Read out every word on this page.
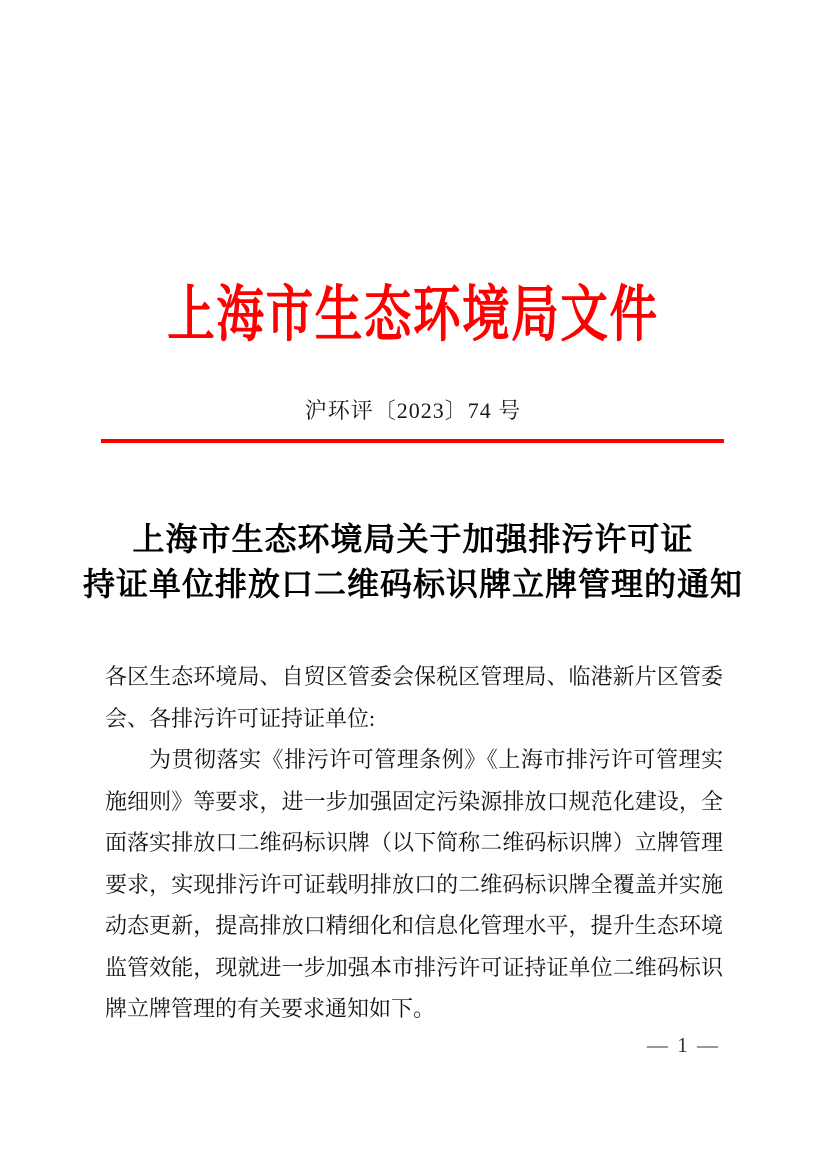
上海市生态环境局文件
沪环评〔2023〕74 号
上海市生态环境局关于加强排污许可证
持证单位排放口二维码标识牌立牌管理的通知

各区生态环境局、自贸区管委会保税区管理局、临港新片区管委会、各排污许可证持证单位:

为贯彻落实《排污许可管理条例》《上海市排污许可管理实施细则》等要求，进一步加强固定污染源排放口规范化建设，全面落实排放口二维码标识牌（以下简称二维码标识牌）立牌管理要求，实现排污许可证载明排放口的二维码标识牌全覆盖并实施动态更新，提高排放口精细化和信息化管理水平，提升生态环境监管效能，现就进一步加强本市排污许可证持证单位二维码标识牌立牌管理的有关要求通知如下。

— 1 —
